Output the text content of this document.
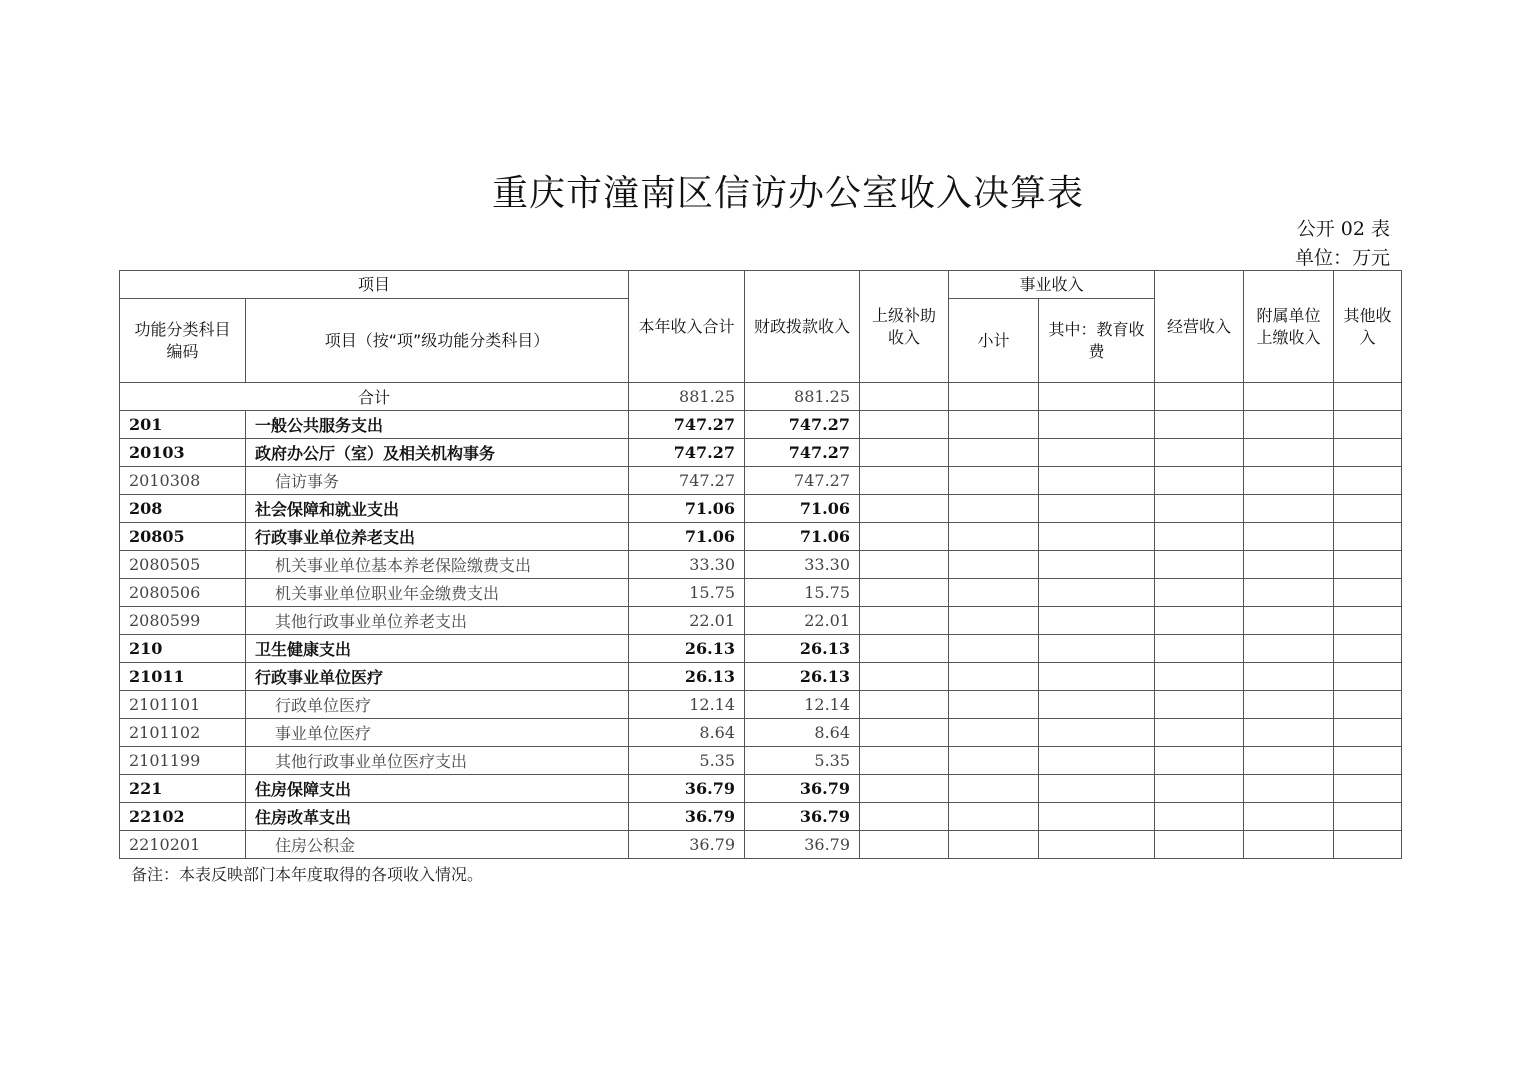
重庆市潼南区信访办公室收入决算表
公开 02 表
单位：万元
项目		本年收入合计	财政拨款收入	上级补助收入	事业收入		经营收入	附属单位上缴收入	其他收入
功能分类科目编码	项目（按“项”级功能分类科目）				小计	其中：教育收费			
合计		881.25	881.25						
201	一般公共服务支出	747.27	747.27						
20103	政府办公厅（室）及相关机构事务	747.27	747.27						
2010308	信访事务	747.27	747.27						
208	社会保障和就业支出	71.06	71.06						
20805	行政事业单位养老支出	71.06	71.06						
2080505	机关事业单位基本养老保险缴费支出	33.30	33.30						
2080506	机关事业单位职业年金缴费支出	15.75	15.75						
2080599	其他行政事业单位养老支出	22.01	22.01						
210	卫生健康支出	26.13	26.13						
21011	行政事业单位医疗	26.13	26.13						
2101101	行政单位医疗	12.14	12.14						
2101102	事业单位医疗	8.64	8.64						
2101199	其他行政事业单位医疗支出	5.35	5.35						
221	住房保障支出	36.79	36.79						
22102	住房改革支出	36.79	36.79						
2210201	住房公积金	36.79	36.79						
备注：本表反映部门本年度取得的各项收入情况。
